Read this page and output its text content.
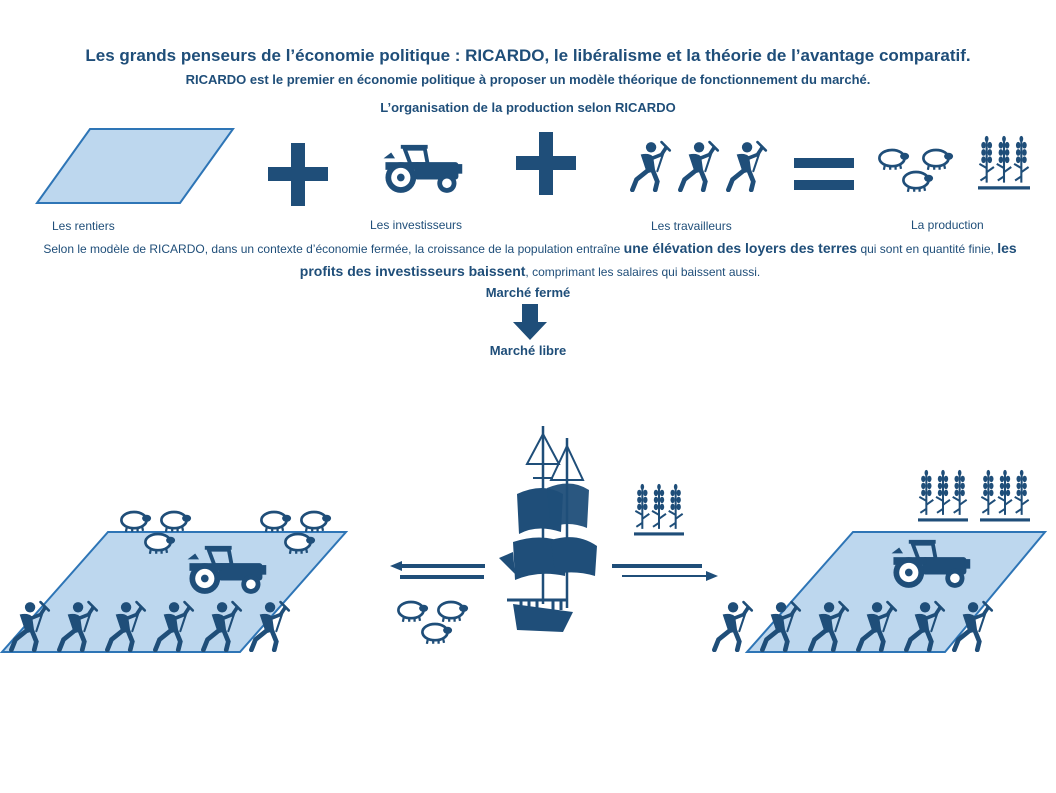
Les grands penseurs de l’économie politique : RICARDO, le libéralisme et la théorie de l’avantage comparatif.
RICARDO est le premier en économie politique à proposer un modèle théorique de fonctionnement du marché.
L’organisation de la production selon RICARDO
Les rentiers	Les investisseurs	Les travailleurs	La production
Selon le modèle de RICARDO, dans un contexte d’économie fermée, la croissance de la population entraîne une élévation des loyers des terres qui sont en quantité finie, les profits des investisseurs baissent, comprimant les salaires qui baissent aussi.
Marché fermé
Marché libre
